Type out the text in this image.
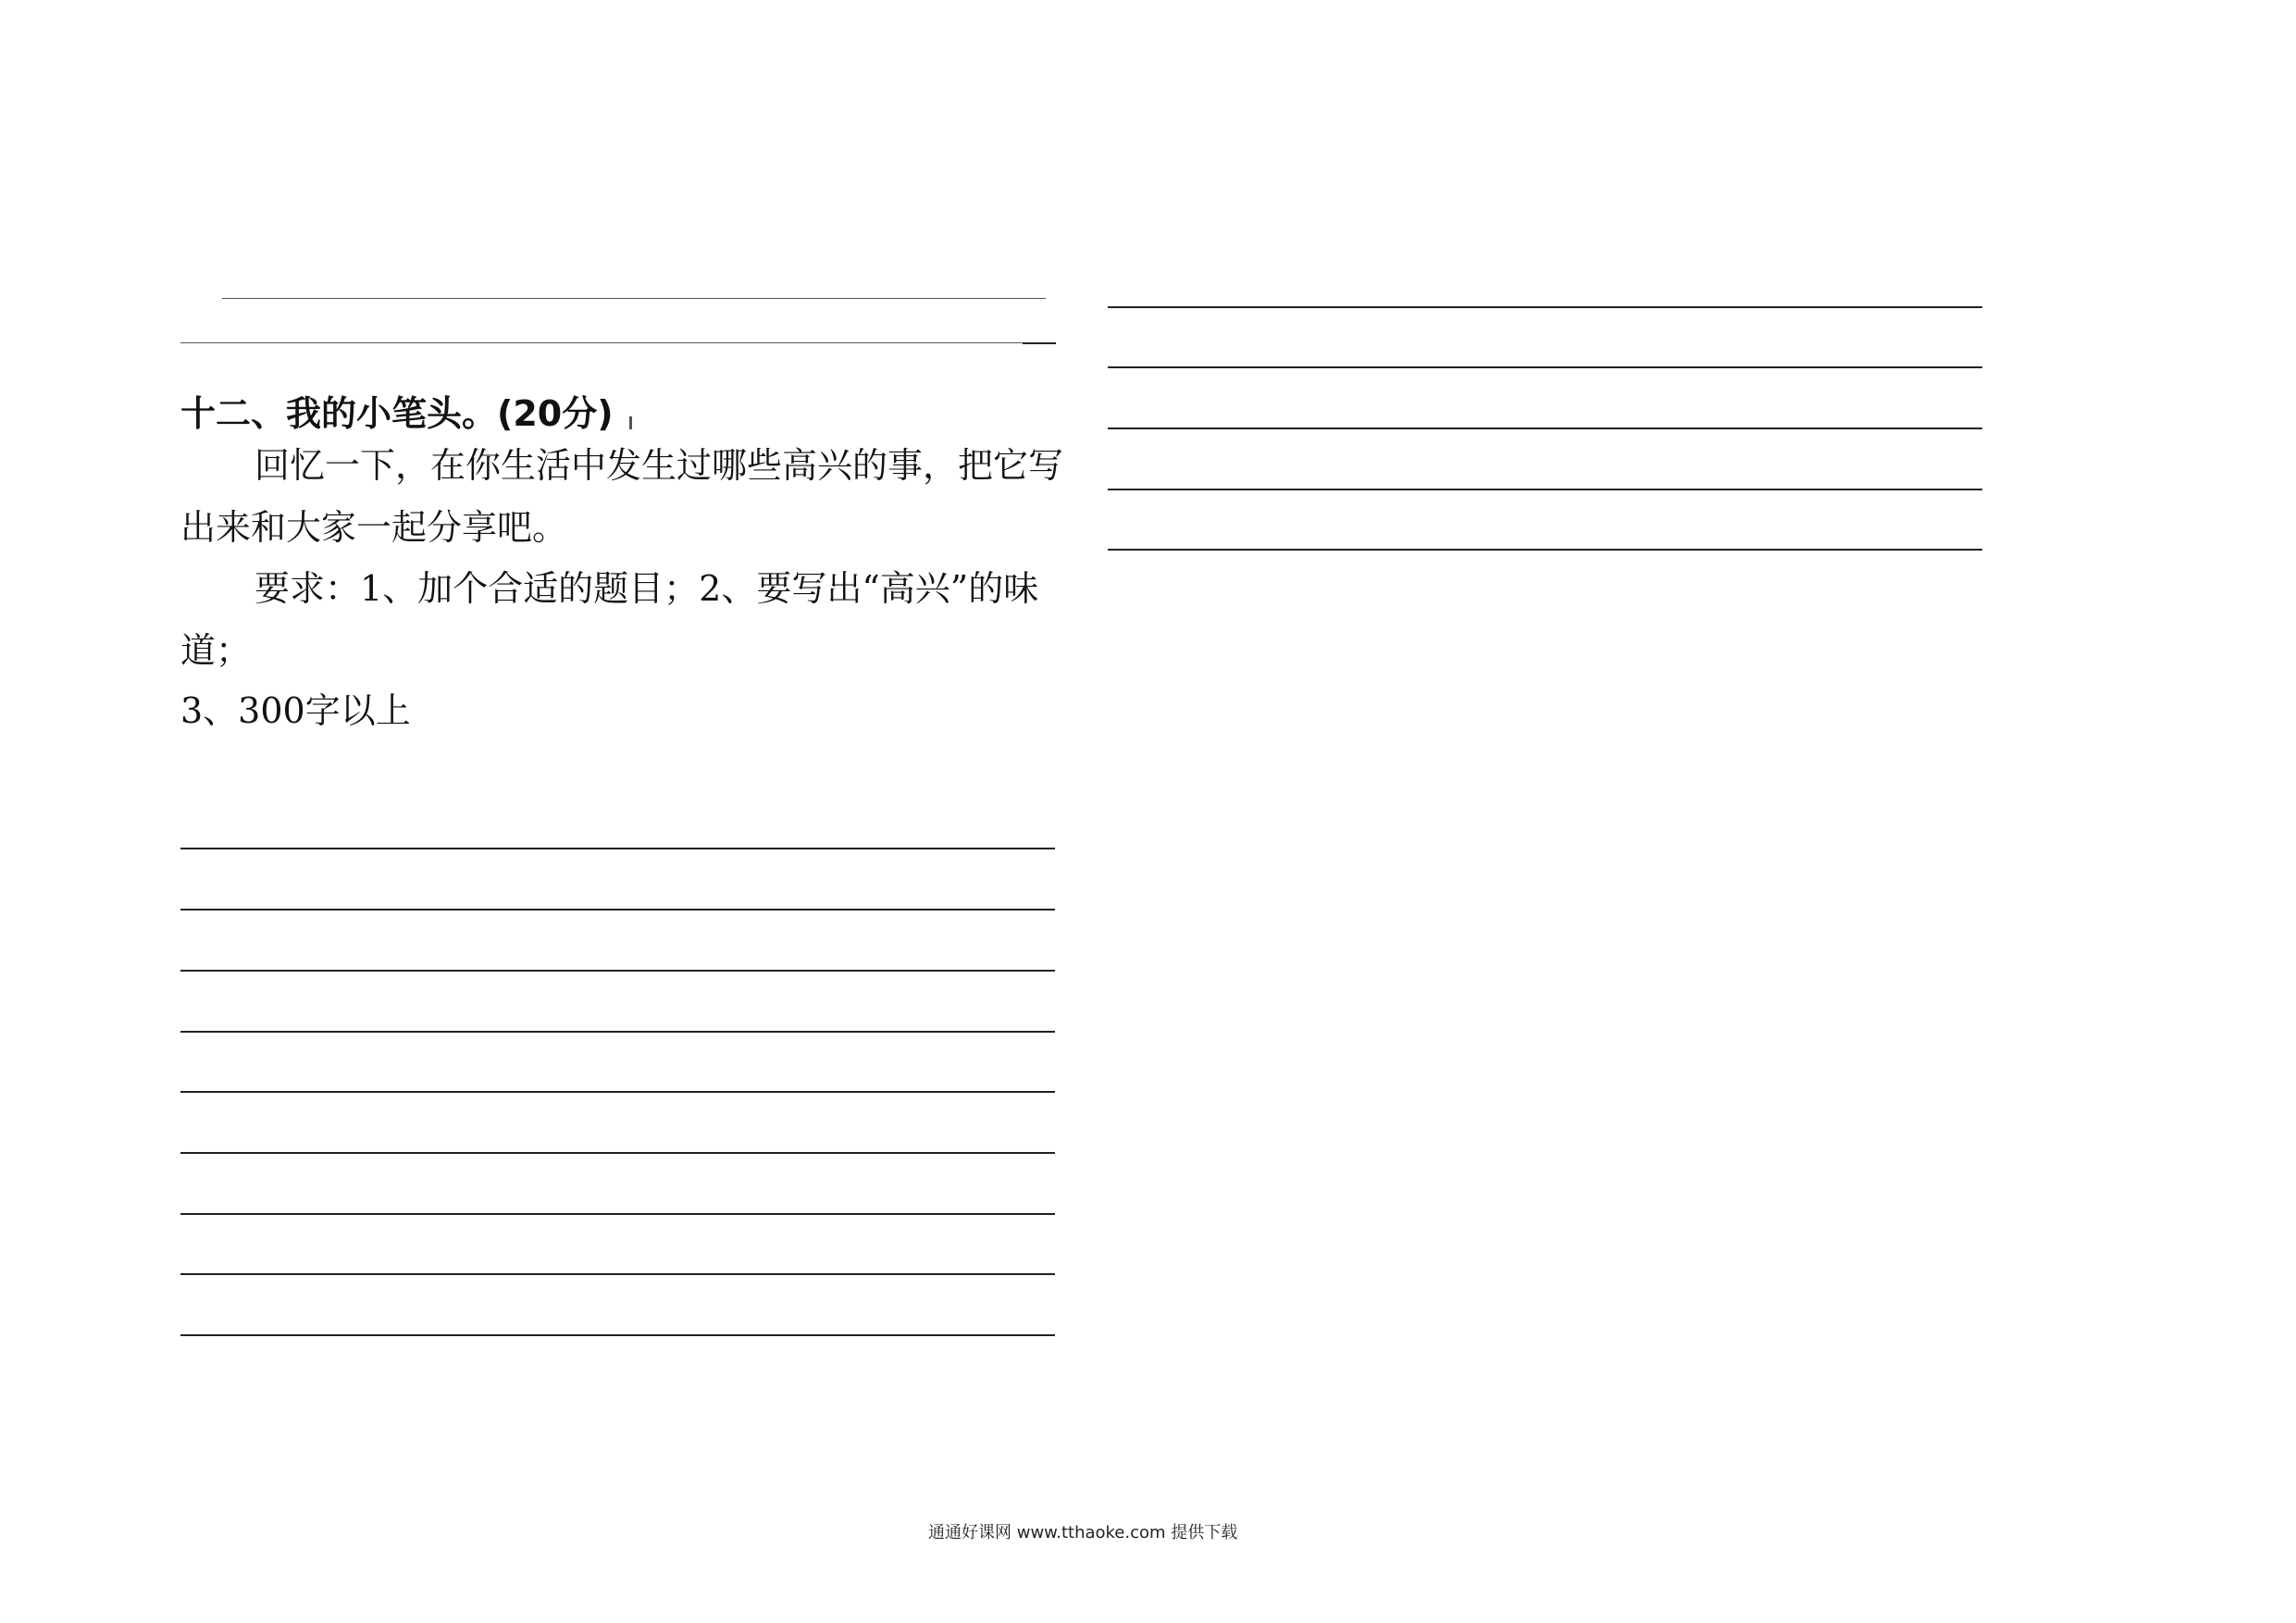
十二、我的小笔头。(20分)
回忆一下，在你生活中发生过哪些高兴的事，把它写
出来和大家一起分享吧。
要求：1、加个合适的题目；2、要写出“高兴”的味
道；
3、300字以上
通通好课网 www.tthaoke.com 提供下载
